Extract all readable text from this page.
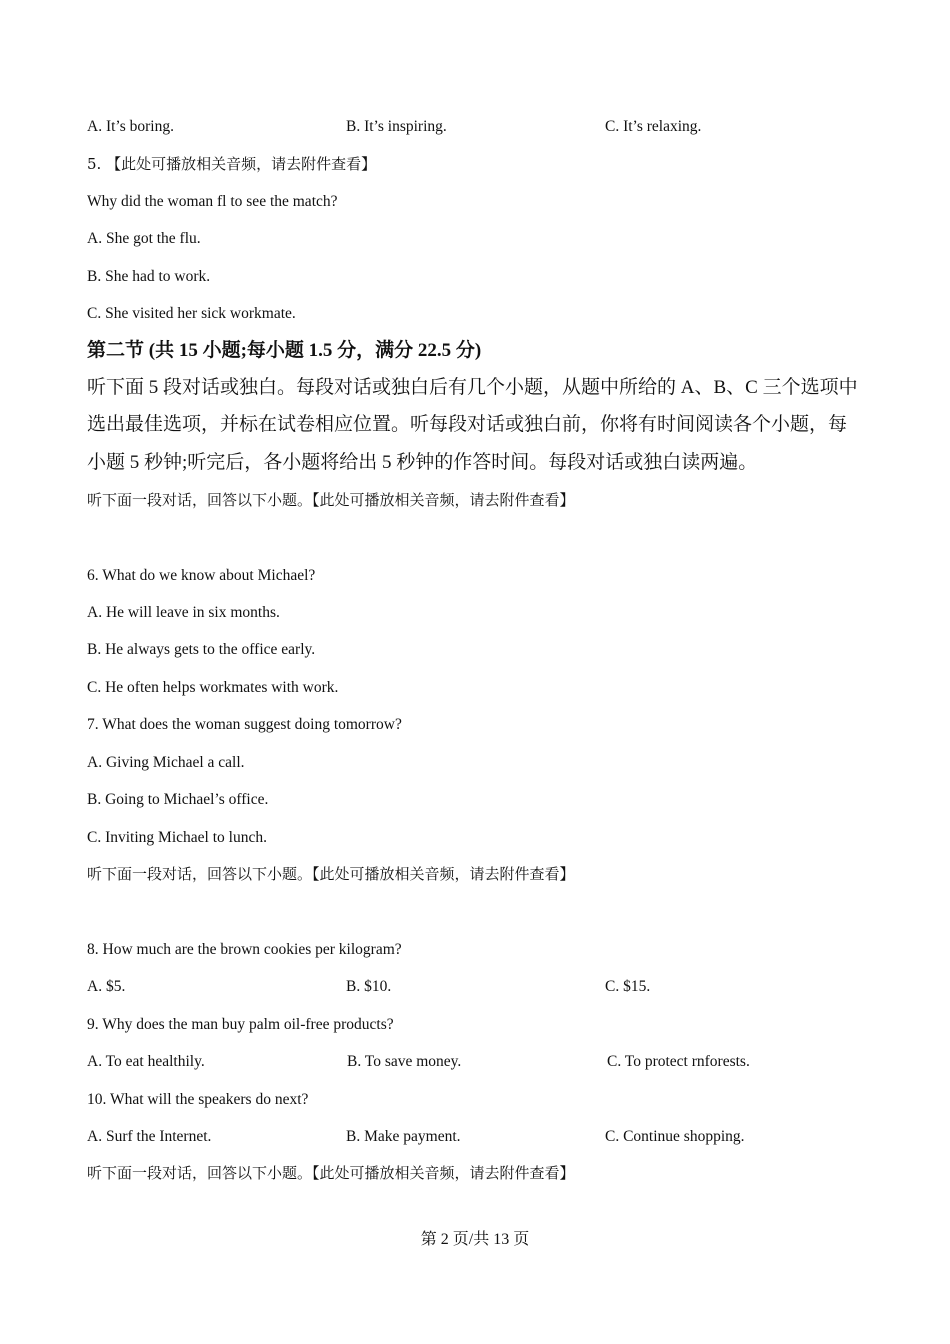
A. It’s boring.	B. It’s inspiring.	C. It’s relaxing.
5. 【此处可播放相关音频，请去附件查看】
Why did the woman fl to see the match?
A. She got the flu.
B. She had to work.
C. She visited her sick workmate.
第二节 (共 15 小题;每小题 1.5 分，满分 22.5 分)
听下面 5 段对话或独白。每段对话或独白后有几个小题，从题中所给的 A、B、C 三个选项中
选出最佳选项，并标在试卷相应位置。听每段对话或独白前，你将有时间阅读各个小题，每
小题 5 秒钟;听完后，各小题将给出 5 秒钟的作答时间。每段对话或独白读两遍。
听下面一段对话，回答以下小题。【此处可播放相关音频，请去附件查看】
6. What do we know about Michael?
A. He will leave in six months.
B. He always gets to the office early.
C. He often helps workmates with work.
7. What does the woman suggest doing tomorrow?
A. Giving Michael a call.
B. Going to Michael’s office.
C. Inviting Michael to lunch.
听下面一段对话，回答以下小题。【此处可播放相关音频，请去附件查看】
8. How much are the brown cookies per kilogram?
A. $5.	B. $10.	C. $15.
9. Why does the man buy palm oil-free products?
A. To eat healthily.	B. To save money.	C. To protect rnforests.
10. What will the speakers do next?
A. Surf the Internet.	B. Make payment.	C. Continue shopping.
听下面一段对话，回答以下小题。【此处可播放相关音频，请去附件查看】
第 2 页/共 13 页
